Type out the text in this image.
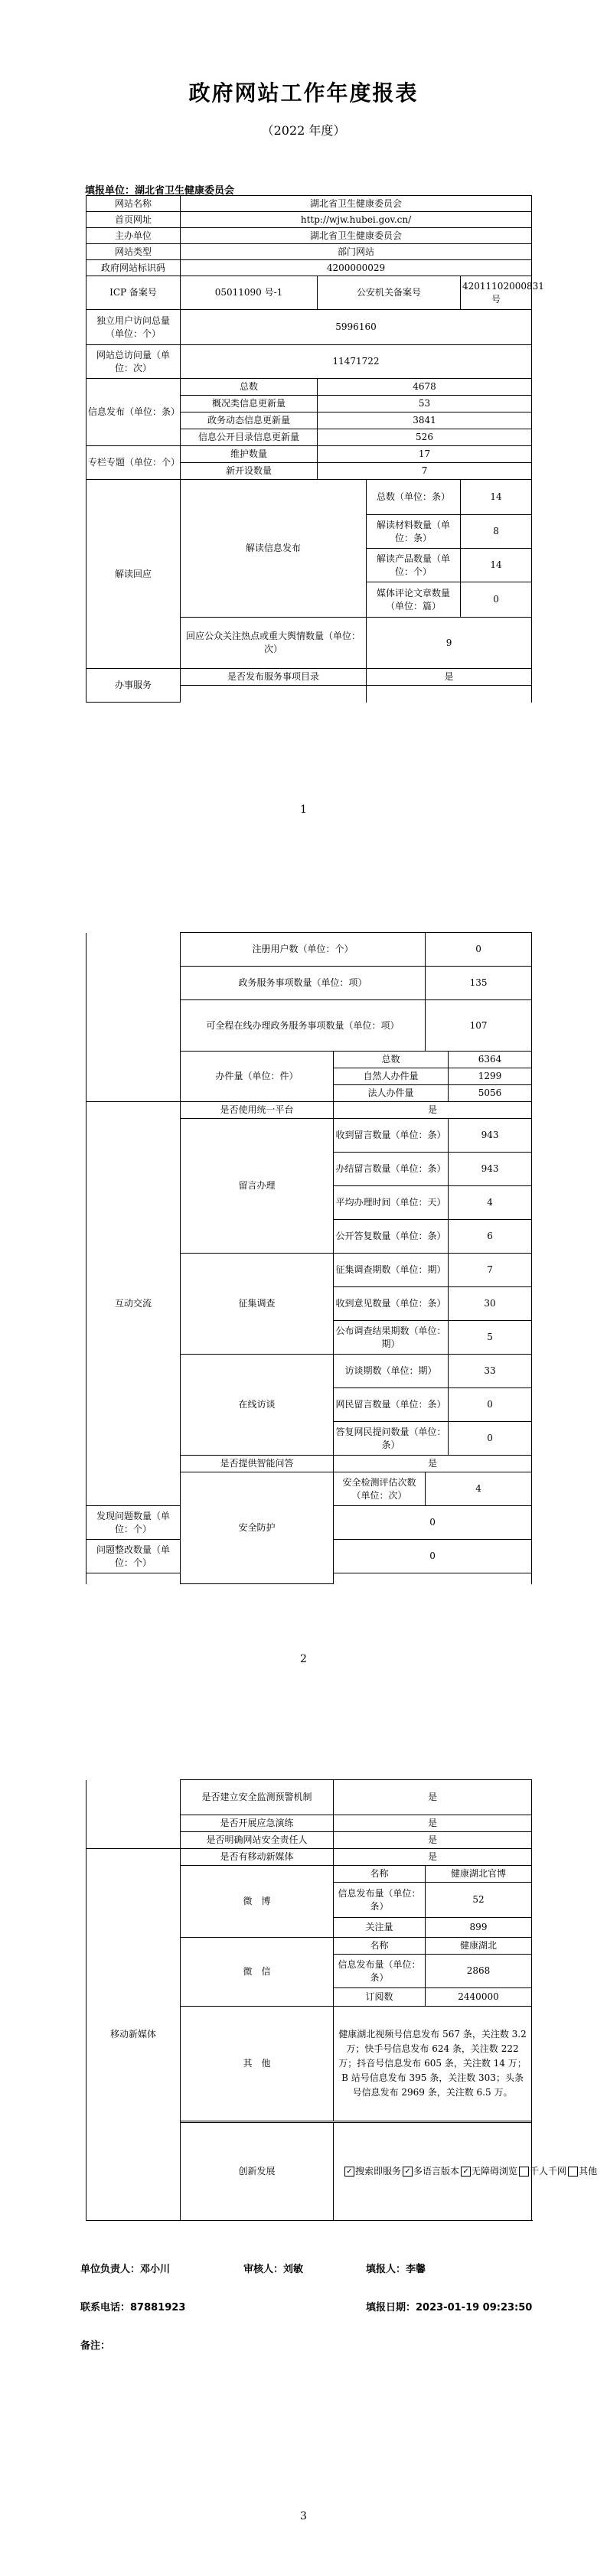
政府网站工作年度报表
（2022 年度）
填报单位：湖北省卫生健康委员会
网站名称	湖北省卫生健康委员会			
首页网址	http://wjw.hubei.gov.cn/			
主办单位	湖北省卫生健康委员会			
网站类型	部门网站			
政府网站标识码	4200000029			
ICP 备案号	05011090 号-1	公安机关备案号		42011102000831 号
独立用户访问总量（单位：个）	5996160			
网站总访问量（单位：次）	11471722			
信息发布（单位：条）	总数	4678		
	概况类信息更新量	53		
	政务动态信息更新量	3841		
	信息公开目录信息更新量	526		
专栏专题（单位：个）	维护数量	17		
	新开设数量	7		
解读回应	解读信息发布		总数（单位：条）	14
			解读材料数量（单位：条）	8
			解读产品数量（单位：个）	14
			媒体评论文章数量（单位：篇）	0
	回应公众关注热点或重大舆情数量（单位：次）		9	
办事服务	是否发布服务事项目录		是	

1
	注册用户数（单位：个）		0	
	政务服务事项数量（单位：项）		135	
	可全程在线办理政务服务事项数量（单位：项）		107	
	办件量（单位：件）	总数		6364
		自然人办件量		1299
		法人办件量		5056
互动交流	是否使用统一平台	是		
	留言办理	收到留言数量（单位：条）		943
		办结留言数量（单位：条）		943
		平均办理时间（单位：天）		4
		公开答复数量（单位：条）		6
	征集调查	征集调查期数（单位：期）		7
		收到意见数量（单位：条）		30
		公布调查结果期数（单位：期）		5
	在线访谈	访谈期数（单位：期）		33
		网民留言数量（单位：条）		0
		答复网民提问数量（单位：条）		0
	是否提供智能问答	是		
	安全防护	安全检测评估次数（单位：次）	4	
发现问题数量（单位：个）		0		
问题整改数量（单位：个）		0		

2
	是否建立安全监测预警机制	是	
	是否开展应急演练	是	
	是否明确网站安全责任人	是	
移动新媒体	是否有移动新媒体	是	
	微　博	名称	健康湖北官博
		信息发布量（单位：条）	52
		关注量	899
	微　信	名称	健康湖北
		信息发布量（单位：条）	2868
		订阅数	2440000
	其　他	健康湖北视频号信息发布 567 条，关注数 3.2 万；快手号信息发布 624 条，关注数 222 万；抖音号信息发布 605 条，关注数 14 万；B 站号信息发布 395 条，关注数 303；头条号信息发布 2969 条，关注数 6.5 万。	

	创新发展	✓ 搜索即服务 ✓ 多语言版本 ✓ 无障碍浏览 千人千网 其他	
单位负责人：邓小川	审核人：刘敏	填报人：李馨
联系电话：87881923	填报日期：2023-01-19 09:23:50
备注：
3
